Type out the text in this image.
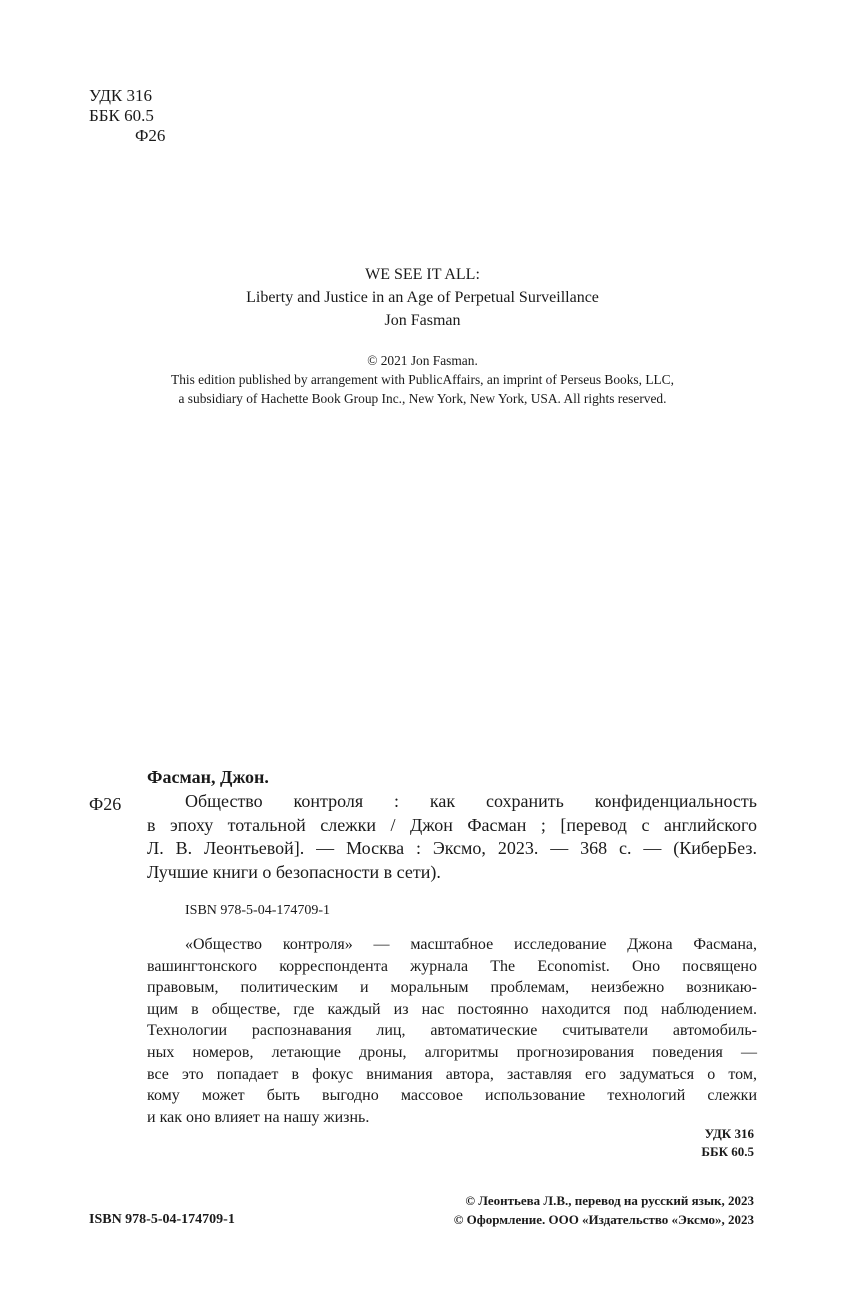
УДК 316
ББК 60.5
Ф26
WE SEE IT ALL:
Liberty and Justice in an Age of Perpetual Surveillance
Jon Fasman
© 2021 Jon Fasman.
This edition published by arrangement with PublicAffairs, an imprint of Perseus Books, LLC,
a subsidiary of Hachette Book Group Inc., New York, New York, USA. All rights reserved.
Фасман, Джон.
Ф26	Общество контроля : как сохранить конфиденциальность
в эпоху тотальной слежки / Джон Фасман ; [перевод с английского
Л. В. Леонтьевой]. — Москва : Эксмо, 2023. — 368 с. — (КиберБез.
Лучшие книги о безопасности в сети).
ISBN 978-5-04-174709-1
«Общество контроля» — масштабное исследование Джона Фасмана,
вашингтонского корреспондента журнала The Economist. Оно посвящено
правовым, политическим и моральным проблемам, неизбежно возникаю-
щим в обществе, где каждый из нас постоянно находится под наблюдением.
Технологии распознавания лиц, автоматические считыватели автомобиль-
ных номеров, летающие дроны, алгоритмы прогнозирования поведения —
все это попадает в фокус внимания автора, заставляя его задуматься о том,
кому может быть выгодно массовое использование технологий слежки
и как оно влияет на нашу жизнь.
УДК 316
ББК 60.5
ISBN 978-5-04-174709-1
© Леонтьева Л.В., перевод на русский язык, 2023
© Оформление. ООО «Издательство «Эксмо», 2023
